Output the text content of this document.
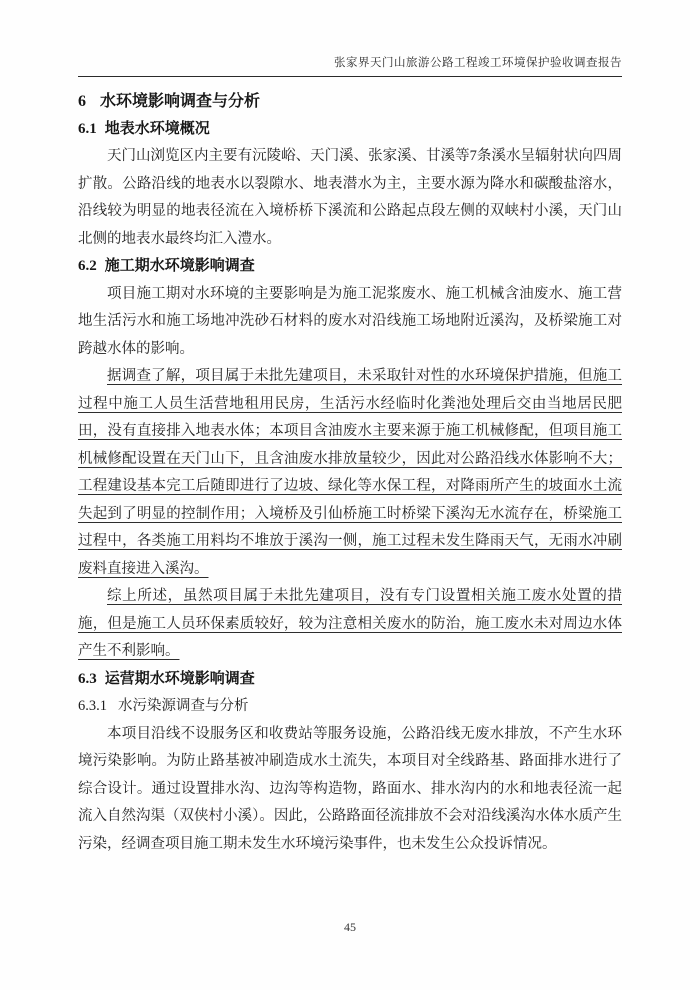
张家界天门山旅游公路工程竣工环境保护验收调查报告
6 水环境影响调查与分析
6.1 地表水环境概况

天门山浏览区内主要有沅陵峪、天门溪、张家溪、甘溪等7条溪水呈辐射状向四周扩散。公路沿线的地表水以裂隙水、地表潜水为主，主要水源为降水和碳酸盐溶水，沿线较为明显的地表径流在入境桥桥下溪流和公路起点段左侧的双峡村小溪，天门山北侧的地表水最终均汇入澧水。

6.2 施工期水环境影响调查

项目施工期对水环境的主要影响是为施工泥浆废水、施工机械含油废水、施工营地生活污水和施工场地冲洗砂石材料的废水对沿线施工场地附近溪沟，及桥梁施工对跨越水体的影响。

据调查了解，项目属于未批先建项目，未采取针对性的水环境保护措施，但施工过程中施工人员生活营地租用民房，生活污水经临时化粪池处理后交由当地居民肥田，没有直接排入地表水体；本项目含油废水主要来源于施工机械修配，但项目施工机械修配设置在天门山下，且含油废水排放量较少，因此对公路沿线水体影响不大；工程建设基本完工后随即进行了边坡、绿化等水保工程，对降雨所产生的坡面水土流失起到了明显的控制作用；入境桥及引仙桥施工时桥梁下溪沟无水流存在，桥梁施工过程中，各类施工用料均不堆放于溪沟一侧，施工过程未发生降雨天气，无雨水冲刷废料直接进入溪沟。

综上所述，虽然项目属于未批先建项目，没有专门设置相关施工废水处置的措施，但是施工人员环保素质较好，较为注意相关废水的防治，施工废水未对周边水体产生不利影响。

6.3 运营期水环境影响调查
6.3.1 水污染源调查与分析

本项目沿线不设服务区和收费站等服务设施，公路沿线无废水排放，不产生水环境污染影响。为防止路基被冲刷造成水土流失，本项目对全线路基、路面排水进行了综合设计。通过设置排水沟、边沟等构造物，路面水、排水沟内的水和地表径流一起流入自然沟渠（双侠村小溪）。因此，公路路面径流排放不会对沿线溪沟水体水质产生污染，经调查项目施工期未发生水环境污染事件，也未发生公众投诉情况。

45
